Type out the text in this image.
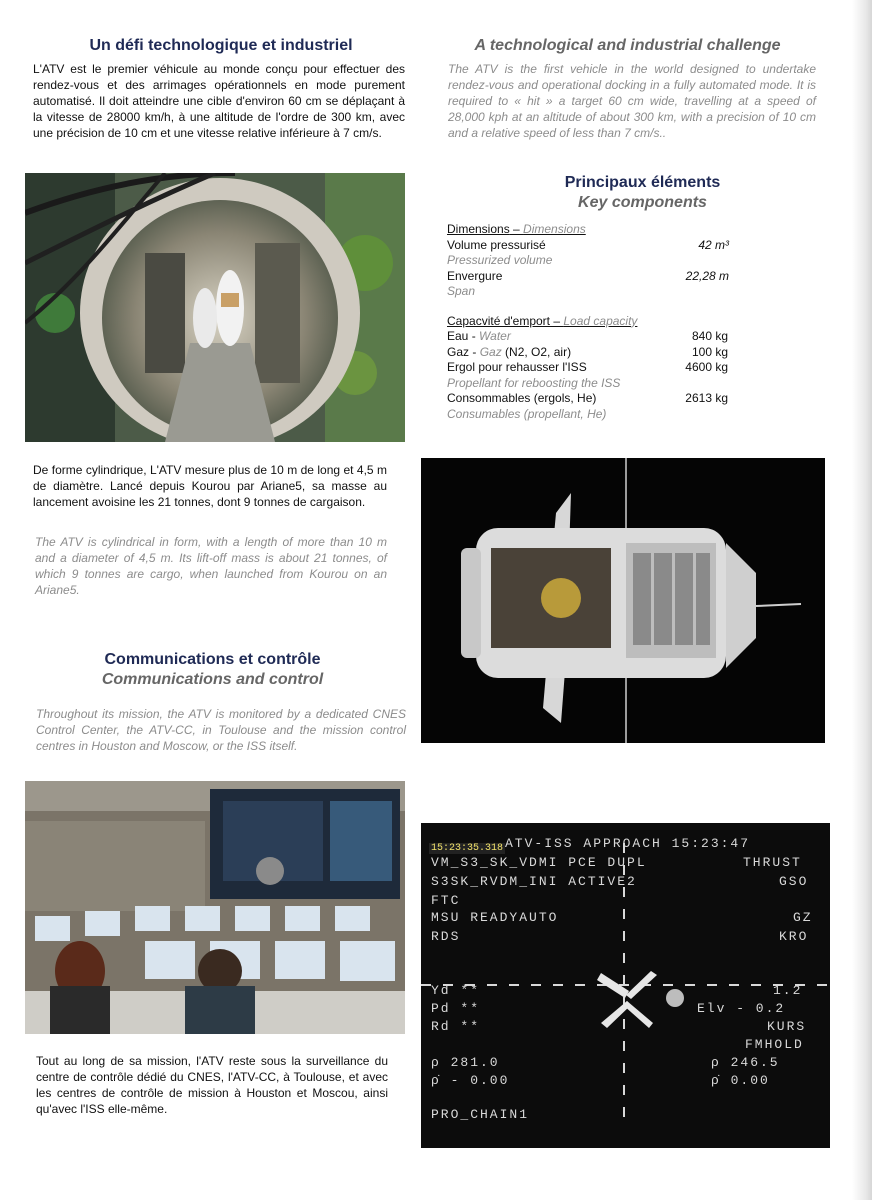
Un défi technologique et industriel

L'ATV est le premier véhicule au monde conçu pour effectuer des rendez-vous et des arrimages opérationnels en mode purement automatisé. Il doit atteindre une cible d'environ 60 cm se déplaçant à la vitesse de 28000 km/h, à une altitude de l'ordre de 300 km, avec une précision de 10 cm et une vitesse relative inférieure à 7 cm/s.

A technological and industrial challenge

The ATV is the first vehicle in the world designed to undertake rendez-vous and operational docking in a fully automated mode. It is required to « hit » a target 60 cm wide, travelling at a speed of 28,000 kph at an altitude of about 300 km, with a precision of 10 cm and a relative speed of less than 7 cm/s..

Principaux éléments
Key components
Dimensions – Dimensions
Volume pressurisé	42 m³
Pressurized volume
Envergure	22,28 m
Span
Capacvité d'emport – Load capacity
Eau - Water	840 kg
Gaz - Gaz (N2, O2, air)	100 kg
Ergol pour rehausser l'ISS	4600 kg
Propellant for reboosting the ISS
Consommables (ergols, He)	2613 kg
Consumables (propellant, He)

De forme cylindrique, L'ATV mesure plus de 10 m de long et 4,5 m de diamètre. Lancé depuis Kourou par Ariane5, sa masse au lancement avoisine les 21 tonnes, dont 9 tonnes de cargaison.

The ATV is cylindrical in form, with a length of more than 10 m and a diameter of 4,5 m. Its lift-off mass is about 21 tonnes, of which 9 tonnes are cargo, when launched from Kourou on an Ariane5.

Communications et contrôle
Communications and control

Throughout its mission, the ATV is monitored by a dedicated CNES Control Center, the ATV-CC, in Toulouse and the mission control centres in Houston and Moscow, or the ISS itself.

Tout au long de sa mission, l'ATV reste sous la surveillance du centre de contrôle dédié du CNES, l'ATV-CC, à Toulouse, et avec les centres de contrôle de mission à Houston et Moscou, ainsi qu'avec l'ISS elle-même.

15:23:35.318 ATV-ISS APPROACH 15:23:47
VM_S3_SK_VDMI PCE DUPL	THRUST
S3SK_RVDM_INI ACTIVE2	GSO
FTC
MSU READYAUTO	GZ
RDS	KRO
Yd **	1.2
Pd **	Elv - 0.2
Rd **	KURS
FMHOLD
ρ 281.0	ρ 246.5
ρ̇ - 0.00	ρ̇ 0.00
PRO_CHAIN1
